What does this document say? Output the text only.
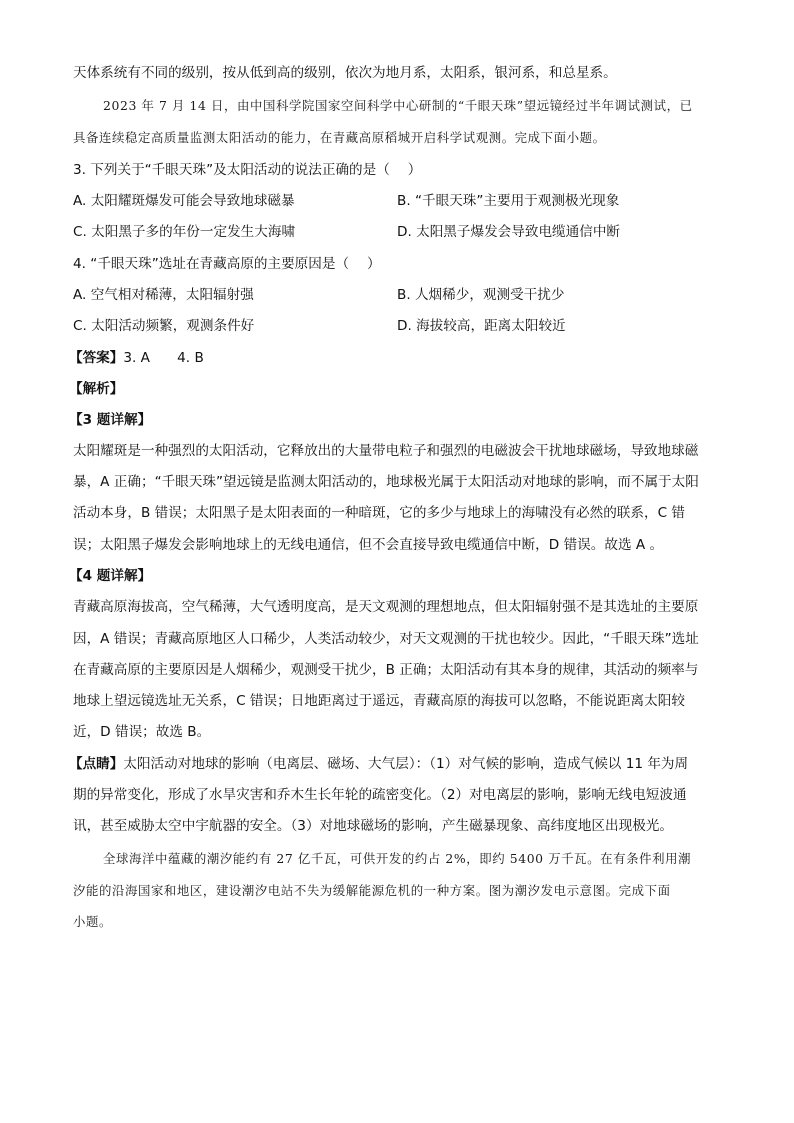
天体系统有不同的级别，按从低到高的级别，依次为地月系，太阳系，银河系，和总星系。
2023 年 7 月 14 日，由中国科学院国家空间科学中心研制的“千眼天珠”望远镜经过半年调试测试，已
具备连续稳定高质量监测太阳活动的能力，在青藏高原稻城开启科学试观测。完成下面小题。
3. 下列关于“千眼天珠”及太阳活动的说法正确的是（　 ）
A. 太阳耀斑爆发可能会导致地球磁暴	B. “千眼天珠”主要用于观测极光现象
C. 太阳黑子多的年份一定发生大海啸	D. 太阳黑子爆发会导致电缆通信中断
4. “千眼天珠”选址在青藏高原的主要原因是（　 ）
A. 空气相对稀薄，太阳辐射强	B. 人烟稀少，观测受干扰少
C. 太阳活动频繁，观测条件好	D. 海拔较高，距离太阳较近
【答案】3. A　　4. B
【解析】
【3 题详解】
太阳耀斑是一种强烈的太阳活动，它释放出的大量带电粒子和强烈的电磁波会干扰地球磁场，导致地球磁
暴，A 正确；“千眼天珠”望远镜是监测太阳活动的，地球极光属于太阳活动对地球的影响，而不属于太阳
活动本身，B 错误；太阳黑子是太阳表面的一种暗斑，它的多少与地球上的海啸没有必然的联系，C 错
误；太阳黑子爆发会影响地球上的无线电通信，但不会直接导致电缆通信中断，D 错误。故选 A 。
【4 题详解】
青藏高原海拔高，空气稀薄，大气透明度高，是天文观测的理想地点，但太阳辐射强不是其选址的主要原
因，A 错误；青藏高原地区人口稀少，人类活动较少，对天文观测的干扰也较少。因此，“千眼天珠”选址
在青藏高原的主要原因是人烟稀少，观测受干扰少，B 正确；太阳活动有其本身的规律，其活动的频率与
地球上望远镜选址无关系，C 错误；日地距离过于遥远，青藏高原的海拔可以忽略，不能说距离太阳较
近，D 错误；故选 B。
【点睛】太阳活动对地球的影响（电离层、磁场、大气层）：（1）对气候的影响，造成气候以 11 年为周
期的异常变化，形成了水旱灾害和乔木生长年轮的疏密变化。（2）对电离层的影响，影响无线电短波通
讯，甚至威胁太空中宇航器的安全。（3）对地球磁场的影响，产生磁暴现象、高纬度地区出现极光。
全球海洋中蕴藏的潮汐能约有 27 亿千瓦，可供开发的约占 2%，即约 5400 万千瓦。在有条件利用潮
汐能的沿海国家和地区，建设潮汐电站不失为缓解能源危机的一种方案。图为潮汐发电示意图。完成下面
小题。
